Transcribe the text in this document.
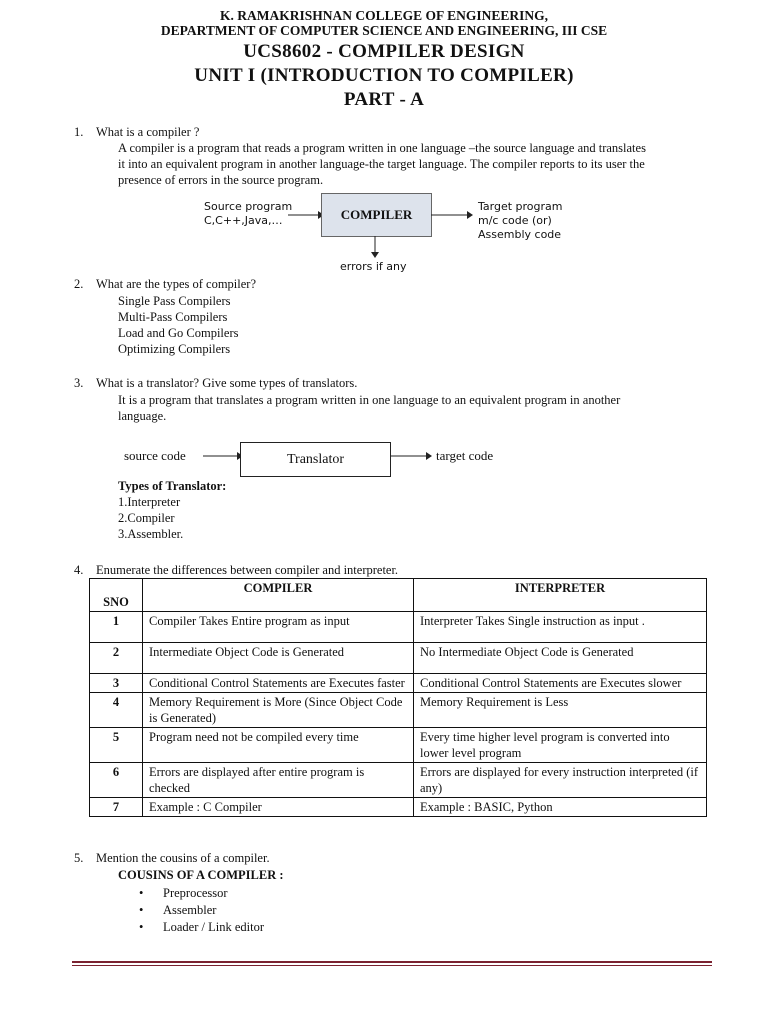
K. RAMAKRISHNAN COLLEGE OF ENGINEERING,
DEPARTMENT OF COMPUTER SCIENCE AND ENGINEERING, III CSE
UCS8602 - COMPILER DESIGN
UNIT I (INTRODUCTION TO COMPILER)
PART - A
1. What is a compiler ?
A compiler is a program that reads a program written in one language –the source language and translates
it into an equivalent program in another language-the target language. The compiler reports to its user the
presence of errors in the source program.
Source program
C,C++,Java,…	COMPILER
Target program
m/c code (or)
Assembly code
errors if any
2. What are the types of compiler?
Single Pass Compilers
Multi-Pass Compilers
Load and Go Compilers
Optimizing Compilers
3. What is a translator? Give some types of translators.
It is a program that translates a program written in one language to an equivalent program in another
language.
source code	Translator	target code
Types of Translator:
1.Interpreter
2.Compiler
3.Assembler.
4. Enumerate the differences between compiler and interpreter.
SNO	COMPILER	INTERPRETER
1	Compiler Takes Entire program as input	Interpreter Takes Single instruction as input .
2	Intermediate Object Code is Generated	No Intermediate Object Code is Generated
3	Conditional Control Statements are Executes faster	Conditional Control Statements are Executes slower
4	Memory Requirement is More (Since Object Code is Generated)	Memory Requirement is Less
5	Program need not be compiled every time	Every time higher level program is converted into lower level program
6	Errors are displayed after entire program is checked	Errors are displayed for every instruction interpreted (if any)
7	Example : C Compiler	Example : BASIC, Python
5. Mention the cousins of a compiler.
COUSINS OF A COMPILER :
• Preprocessor
• Assembler
• Loader / Link editor
